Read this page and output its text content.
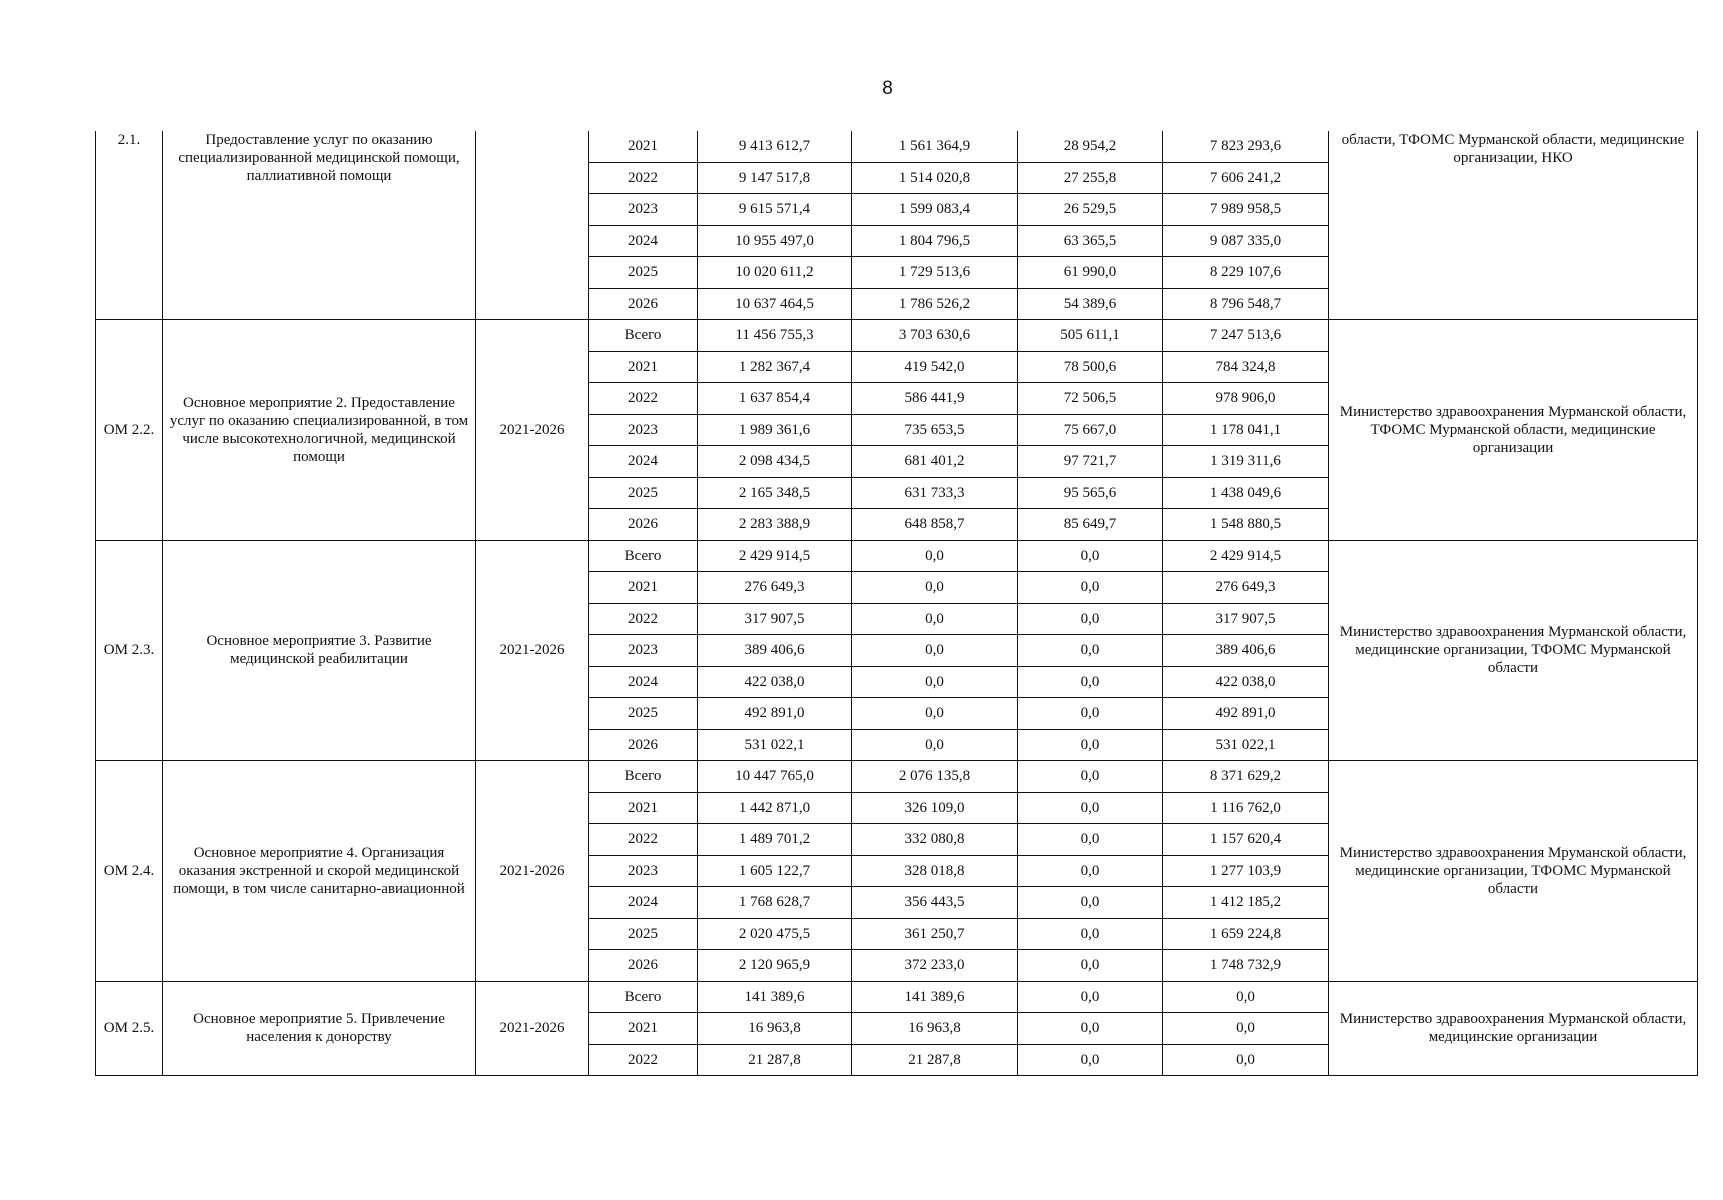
8
2.1.	Предоставление услуг по оказанию специализированной медицинской помощи, паллиативной помощи		2021	9 413 612,7	1 561 364,9	28 954,2	7 823 293,6	области, ТФОМС Мурманской области, медицинские организации, НКО
			2022	9 147 517,8	1 514 020,8	27 255,8	7 606 241,2	
			2023	9 615 571,4	1 599 083,4	26 529,5	7 989 958,5	
			2024	10 955 497,0	1 804 796,5	63 365,5	9 087 335,0	
			2025	10 020 611,2	1 729 513,6	61 990,0	8 229 107,6	
			2026	10 637 464,5	1 786 526,2	54 389,6	8 796 548,7	
ОМ 2.2.	Основное мероприятие 2. Предоставление услуг по оказанию специализированной, в том числе высокотехнологичной, медицинской помощи	2021-2026	Всего	11 456 755,3	3 703 630,6	505 611,1	7 247 513,6	Министерство здравоохранения Мурманской области, ТФОМС Мурманской области, медицинские организации
			2021	1 282 367,4	419 542,0	78 500,6	784 324,8	
			2022	1 637 854,4	586 441,9	72 506,5	978 906,0	
			2023	1 989 361,6	735 653,5	75 667,0	1 178 041,1	
			2024	2 098 434,5	681 401,2	97 721,7	1 319 311,6	
			2025	2 165 348,5	631 733,3	95 565,6	1 438 049,6	
			2026	2 283 388,9	648 858,7	85 649,7	1 548 880,5	
ОМ 2.3.	Основное мероприятие 3. Развитие медицинской реабилитации	2021-2026	Всего	2 429 914,5	0,0	0,0	2 429 914,5	Министерство здравоохранения Мурманской области, медицинские организации, ТФОМС Мурманской области
			2021	276 649,3	0,0	0,0	276 649,3	
			2022	317 907,5	0,0	0,0	317 907,5	
			2023	389 406,6	0,0	0,0	389 406,6	
			2024	422 038,0	0,0	0,0	422 038,0	
			2025	492 891,0	0,0	0,0	492 891,0	
			2026	531 022,1	0,0	0,0	531 022,1	
ОМ 2.4.	Основное мероприятие 4. Организация оказания экстренной и скорой медицинской помощи, в том числе санитарно-авиационной	2021-2026	Всего	10 447 765,0	2 076 135,8	0,0	8 371 629,2	Министерство здравоохранения Мруманской области, медицинские организации, ТФОМС Мурманской области
			2021	1 442 871,0	326 109,0	0,0	1 116 762,0	
			2022	1 489 701,2	332 080,8	0,0	1 157 620,4	
			2023	1 605 122,7	328 018,8	0,0	1 277 103,9	
			2024	1 768 628,7	356 443,5	0,0	1 412 185,2	
			2025	2 020 475,5	361 250,7	0,0	1 659 224,8	
			2026	2 120 965,9	372 233,0	0,0	1 748 732,9	
ОМ 2.5.	Основное мероприятие 5. Привлечение населения к донорству	2021-2026	Всего	141 389,6	141 389,6	0,0	0,0	Министерство здравоохранения Мурманской области, медицинские организации
			2021	16 963,8	16 963,8	0,0	0,0	
			2022	21 287,8	21 287,8	0,0	0,0	
